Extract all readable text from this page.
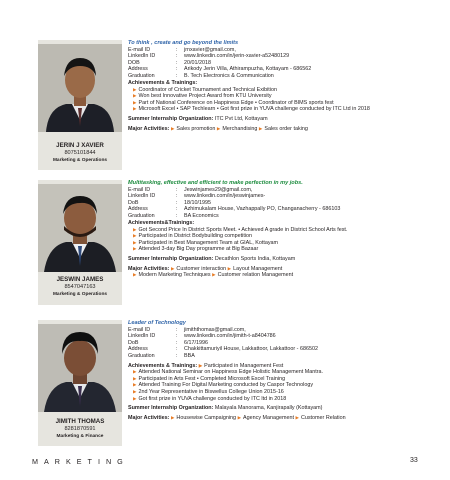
JERIN J XAVIER
8075101844
Marketing & Operations
To think , create and go beyond the limits
E-mail ID	:	jrnxavier@gmail.com,
LinkedIn ID	:	www.linkedin.com/in/jerin-xavier-a52480129
DOB	:	20/01/2018
Address	:	Arikody Jerin Villa, Athirampuzha, Kottayam - 686562
Graduation	:	B. Tech Electronics & Communication
Achievements & Trainings:
▶ Coordinator of Cricket Tournament and Technical Exibition
▶ Won best Innovative Project Award from KTU University
▶ Part of National Conference on Happiness Edge • Coordinator of BIMS sports fest
▶ Microsoft Excel • SAP Techlearn • Got first prize in YUVA challenge conducted by ITC Ltd in 2018
Summer Internship Organization: ITC Pvt Ltd, Kottayam
Major Activities: ▶ Sales promotion ▶ Merchandising ▶ Sales order taking
JESWIN JAMES
8547047163
Marketing & Operations
Multitasking, effective and efficient to make perfection in my jobs.
E-mail ID	:	Jeswinjames29@gmail.com,
LinkedIn ID	:	www.linkedin.com/in/jeswinjames-
DoB	:	18/10/1995
Address	:	Azhimukalam House, Vazhappally PO, Changanacherry - 686103
Graduation	:	BA Economics
Achievements&Trainings:
▶ Got Second Price In District Sports Meet. • Achieved A grade in District School Arts fest.
▶ Participated in District Bodybuilding competition
▶ Participated in Best Management Team at GIAL, Kottayam
▶ Attended 3-day Big Day programme at Big Bazaar
Summer Internship Organization: Decathlon Sports India, Kottayam
Major Activities: ▶ Customer interaction ▶ Layout Management
▶ Modern Marketing Techniques ▶ Customer relation Management
JIMITH THOMAS
8281870591
Marketing & Finance
Leader of Technology
E-mail ID	:	jimiththomas@gmail.com,
LinkedIn ID	:	www.linkedin.com/in/jimith-t-a8404786
DoB	:	6/17/1996
Address	:	Chakkittamuriyil House, Lakkattoor, Lakkattoor - 686502
Graduation	:	BBA
Achievements & Trainings: ▶ Participated in Management Fest
▶ Attended National Seminar on Happiness Edge Holistic Management Mantra.
▶ Participated in Arts Fest • Completed Microsoft Excel Training
▶ Attended Training For Digital Marketing conducted by Caspor Technology
▶ 2nd Year Representative in Biswellus College Union 2015-16
▶ Got first prize in YUVA challenge conducted by ITC ltd in 2018
Summer Internship Organization: Malayala Manorama, Kanjirapally (Kottayam)
Major Activities: ▶ Housewise Campaigning ▶ Agency Management ▶ Customer Relation
MARKETING	33
